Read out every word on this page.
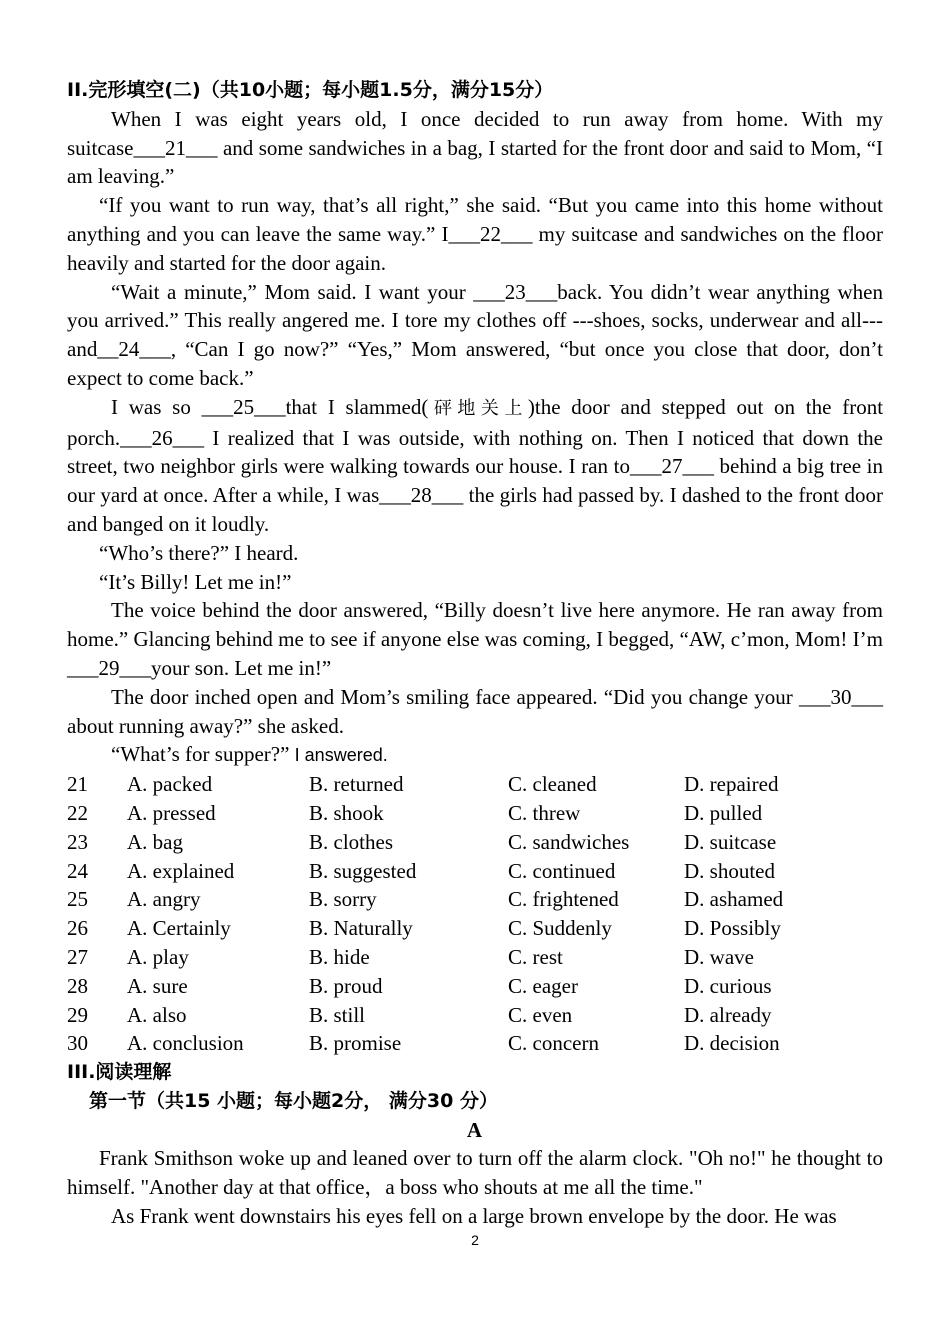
II.完形填空(二)（共10小题；每小题1.5分，满分15分）

When I was eight years old, I once decided to run away from home. With my suitcase___21___ and some sandwiches in a bag, I started for the front door and said to Mom, “I am leaving.”

“If you want to run way, that’s all right,” she said. “But you came into this home without anything and you can leave the same way.” I___22___ my suitcase and sandwiches on the floor heavily and started for the door again.

“Wait a minute,” Mom said. I want your ___23___back. You didn’t wear anything when you arrived.” This really angered me. I tore my clothes off ---shoes, socks, underwear and all---and__24___, “Can I go now?” “Yes,” Mom answered, “but once you close that door, don’t expect to come back.”

I was so ___25___that I slammed(砰地关上)the door and stepped out on the front porch.___26___ I realized that I was outside, with nothing on. Then I noticed that down the street, two neighbor girls were walking towards our house. I ran to___27___ behind a big tree in our yard at once. After a while, I was___28___ the girls had passed by. I dashed to the front door and banged on it loudly.

“Who’s there?” I heard.

“It’s Billy! Let me in!”

The voice behind the door answered, “Billy doesn’t live here anymore. He ran away from home.” Glancing behind me to see if anyone else was coming, I begged, “AW, c’mon, Mom! I’m ___29___your son. Let me in!”

The door inched open and Mom’s smiling face appeared. “Did you change your ___30___ about running away?” she asked.

“What’s for supper?” I answered.

21	A. packed	B. returned	C. cleaned	D. repaired
22	A. pressed	B. shook	C. threw	D. pulled
23	A. bag	B. clothes	C. sandwiches	D. suitcase
24	A. explained	B. suggested	C. continued	D. shouted
25	A. angry	B. sorry	C. frightened	D. ashamed
26	A. Certainly	B. Naturally	C. Suddenly	D. Possibly
27	A. play	B. hide	C. rest	D. wave
28	A. sure	B. proud	C. eager	D. curious
29	A. also	B. still	C. even	D. already
30	A. conclusion	B. promise	C. concern	D. decision
III.阅读理解
第一节（共15 小题；每小题2分， 满分30 分）
A

Frank Smithson woke up and leaned over to turn off the alarm clock. "Oh no!" he thought to himself. "Another day at that office，a boss who shouts at me all the time."

As Frank went downstairs his eyes fell on a large brown envelope by the door. He was

2
